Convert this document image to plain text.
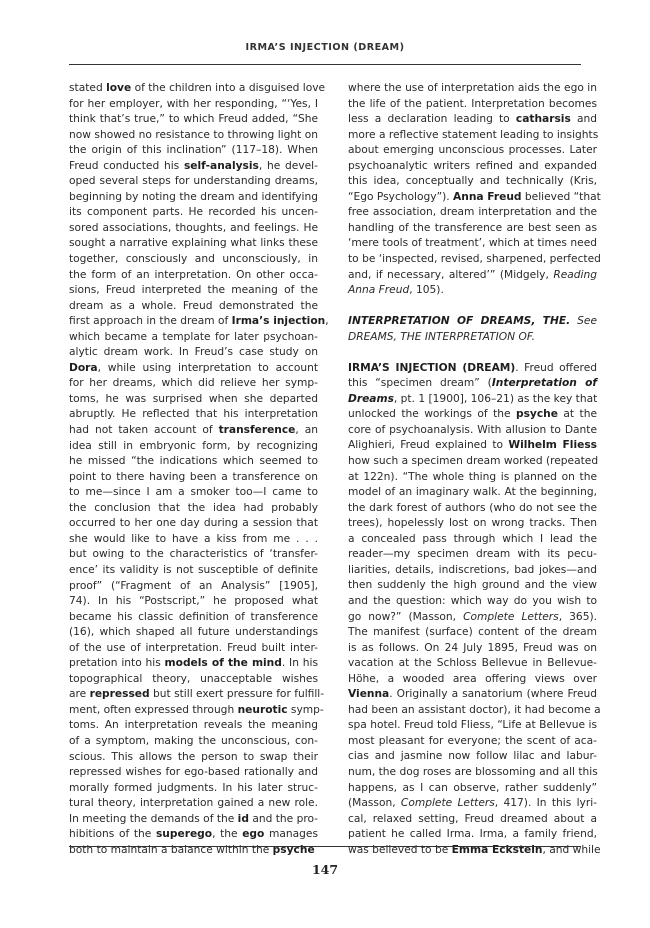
IRMA’S INJECTION (DREAM)
stated love of the children into a disguised love
for her employer, with her responding, “‘Yes, I
think that’s true,” to which Freud added, “She
now showed no resistance to throwing light on
the origin of this inclination” (117–18). When
Freud conducted his self-analysis, he devel-
oped several steps for understanding dreams,
beginning by noting the dream and identifying
its component parts. He recorded his uncen-
sored associations, thoughts, and feelings. He
sought a narrative explaining what links these
together, consciously and unconsciously, in
the form of an interpretation. On other occa-
sions, Freud interpreted the meaning of the
dream as a whole. Freud demonstrated the
first approach in the dream of Irma’s injection,
which became a template for later psychoan-
alytic dream work. In Freud’s case study on
Dora, while using interpretation to account
for her dreams, which did relieve her symp-
toms, he was surprised when she departed
abruptly. He reflected that his interpretation
had not taken account of transference, an
idea still in embryonic form, by recognizing
he missed “the indications which seemed to
point to there having been a transference on
to me—since I am a smoker too—I came to
the conclusion that the idea had probably
occurred to her one day during a session that
she would like to have a kiss from me . . .
but owing to the characteristics of ‘transfer-
ence’ its validity is not susceptible of definite
proof” (“Fragment of an Analysis” [1905],
74). In his “Postscript,” he proposed what
became his classic definition of transference
(16), which shaped all future understandings
of the use of interpretation. Freud built inter-
pretation into his models of the mind. In his
topographical theory, unacceptable wishes
are repressed but still exert pressure for fulfill-
ment, often expressed through neurotic symp-
toms. An interpretation reveals the meaning
of a symptom, making the unconscious, con-
scious. This allows the person to swap their
repressed wishes for ego-based rationally and
morally formed judgments. In his later struc-
tural theory, interpretation gained a new role.
In meeting the demands of the id and the pro-
hibitions of the superego, the ego manages
both to maintain a balance within the psyche
where the use of interpretation aids the ego in
the life of the patient. Interpretation becomes
less a declaration leading to catharsis and
more a reflective statement leading to insights
about emerging unconscious processes. Later
psychoanalytic writers refined and expanded
this idea, conceptually and technically (Kris,
“Ego Psychology”). Anna Freud believed “that
free association, dream interpretation and the
handling of the transference are best seen as
‘mere tools of treatment’, which at times need
to be ‘inspected, revised, sharpened, perfected
and, if necessary, altered’” (Midgely, Reading
Anna Freud, 105).
INTERPRETATION OF DREAMS, THE. See
DREAMS, THE INTERPRETATION OF.
IRMA’S INJECTION (DREAM). Freud offered
this “specimen dream” (Interpretation of
Dreams, pt. 1 [1900], 106–21) as the key that
unlocked the workings of the psyche at the
core of psychoanalysis. With allusion to Dante
Alighieri, Freud explained to Wilhelm Fliess
how such a specimen dream worked (repeated
at 122n). “The whole thing is planned on the
model of an imaginary walk. At the beginning,
the dark forest of authors (who do not see the
trees), hopelessly lost on wrong tracks. Then
a concealed pass through which I lead the
reader—my specimen dream with its pecu-
liarities, details, indiscretions, bad jokes—and
then suddenly the high ground and the view
and the question: which way do you wish to
go now?” (Masson, Complete Letters, 365).
The manifest (surface) content of the dream
is as follows. On 24 July 1895, Freud was on
vacation at the Schloss Bellevue in Bellevue-
Höhe, a wooded area offering views over
Vienna. Originally a sanatorium (where Freud
had been an assistant doctor), it had become a
spa hotel. Freud told Fliess, “Life at Bellevue is
most pleasant for everyone; the scent of aca-
cias and jasmine now follow lilac and labur-
num, the dog roses are blossoming and all this
happens, as I can observe, rather suddenly”
(Masson, Complete Letters, 417). In this lyri-
cal, relaxed setting, Freud dreamed about a
patient he called Irma. Irma, a family friend,
was believed to be Emma Eckstein, and while
147
